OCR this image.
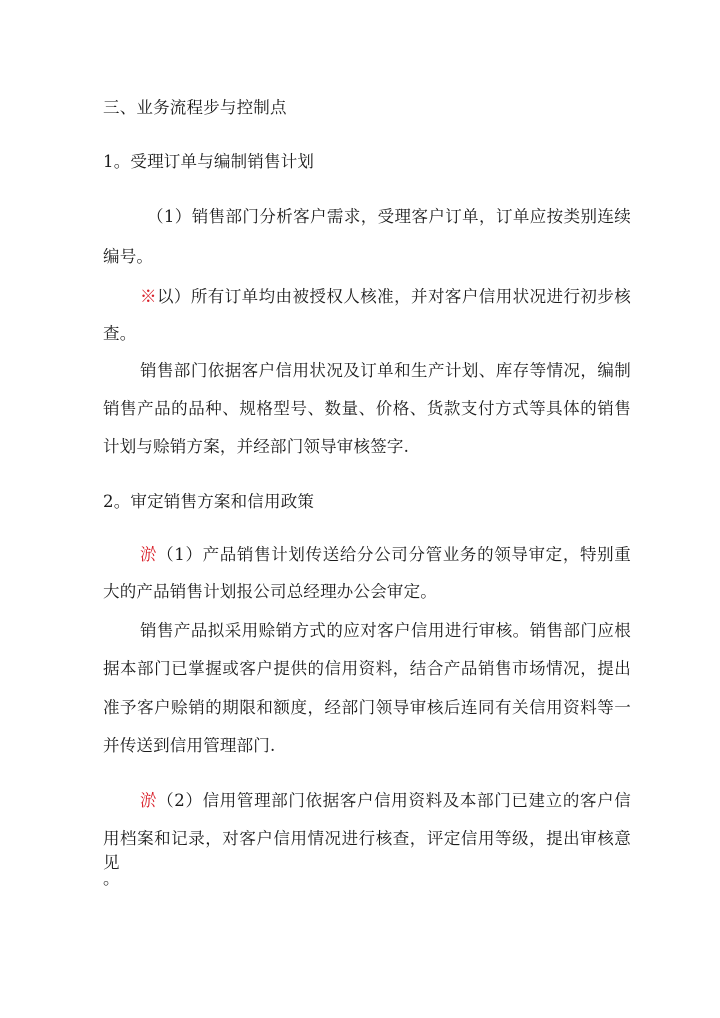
三、业务流程步与控制点
1。受理订单与编制销售计划
（1）销售部门分析客户需求，受理客户订单，订单应按类别连续
编号。
※以）所有订单均由被授权人核准，并对客户信用状况进行初步核
查。
销售部门依据客户信用状况及订单和生产计划、库存等情况，编制
销售产品的品种、规格型号、数量、价格、货款支付方式等具体的销售
计划与赊销方案，并经部门领导审核签字.
2。审定销售方案和信用政策
淤（1）产品销售计划传送给分公司分管业务的领导审定，特别重
大的产品销售计划报公司总经理办公会审定。
销售产品拟采用赊销方式的应对客户信用进行审核。销售部门应根
据本部门已掌握或客户提供的信用资料，结合产品销售市场情况，提出
准予客户赊销的期限和额度，经部门领导审核后连同有关信用资料等一
并传送到信用管理部门.
淤（2）信用管理部门依据客户信用资料及本部门已建立的客户信
用档案和记录，对客户信用情况进行核查，评定信用等级，提出审核意见
。
